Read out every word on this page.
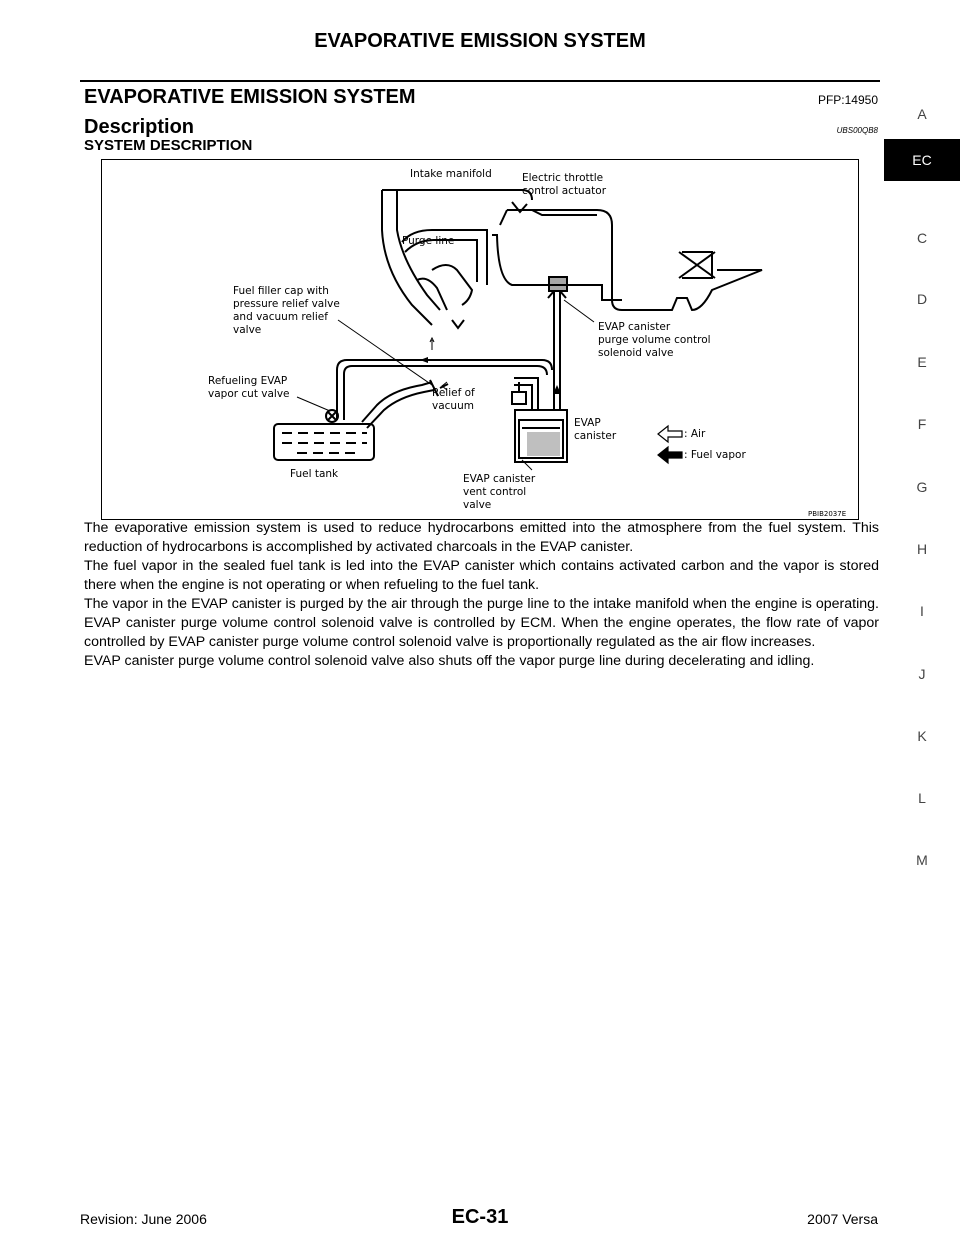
EVAPORATIVE EMISSION SYSTEM
EVAPORATIVE EMISSION SYSTEM	PFP:14950
Description	UBS00QB8
SYSTEM DESCRIPTION
Intake manifold	Electric throttle
control actuator
Purge line
Fuel filler cap with
pressure relief valve
and vacuum relief
valve	EVAP canister
purge volume control
solenoid valve
Refueling EVAP
vapor cut valve	Relief of
vacuum
EVAP
canister
Fuel tank	EVAP canister
vent control
valve
: Air
: Fuel vapor
PBIB2037E

The evaporative emission system is used to reduce hydrocarbons emitted into the atmosphere from the fuel system. This reduction of hydrocarbons is accomplished by activated charcoals in the EVAP canister.

The fuel vapor in the sealed fuel tank is led into the EVAP canister which contains activated carbon and the vapor is stored there when the engine is not operating or when refueling to the fuel tank.

The vapor in the EVAP canister is purged by the air through the purge line to the intake manifold when the engine is operating. EVAP canister purge volume control solenoid valve is controlled by ECM. When the engine operates, the flow rate of vapor controlled by EVAP canister purge volume control solenoid valve is proportionally regulated as the air flow increases.

EVAP canister purge volume control solenoid valve also shuts off the vapor purge line during decelerating and idling.

A
EC
C
D
E
F
G
H
I
J
K
L
M
Revision: June 2006	EC-31	2007 Versa
